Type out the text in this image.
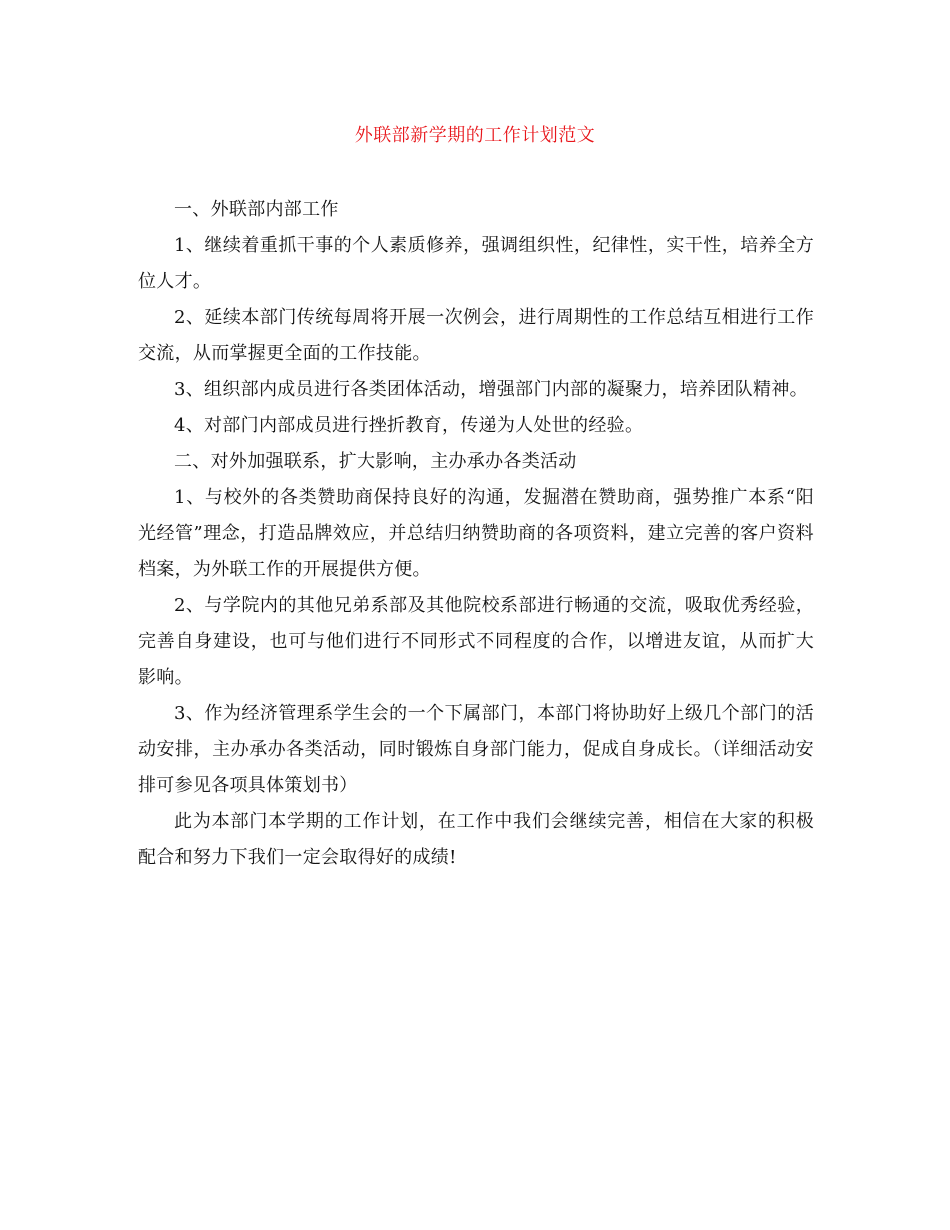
外联部新学期的工作计划范文

一、外联部内部工作

1、继续着重抓干事的个人素质修养，强调组织性，纪律性，实干性，培养全方位人才。

2、延续本部门传统每周将开展一次例会，进行周期性的工作总结互相进行工作交流，从而掌握更全面的工作技能。

3、组织部内成员进行各类团体活动，增强部门内部的凝聚力，培养团队精神。

4、对部门内部成员进行挫折教育，传递为人处世的经验。

二、对外加强联系，扩大影响，主办承办各类活动

1、与校外的各类赞助商保持良好的沟通，发掘潜在赞助商，强势推广本系“阳光经管”理念，打造品牌效应，并总结归纳赞助商的各项资料，建立完善的客户资料档案，为外联工作的开展提供方便。

2、与学院内的其他兄弟系部及其他院校系部进行畅通的交流，吸取优秀经验，完善自身建设，也可与他们进行不同形式不同程度的合作，以增进友谊，从而扩大影响。

3、作为经济管理系学生会的一个下属部门，本部门将协助好上级几个部门的活动安排，主办承办各类活动，同时锻炼自身部门能力，促成自身成长。（详细活动安排可参见各项具体策划书）

此为本部门本学期的工作计划，在工作中我们会继续完善，相信在大家的积极配合和努力下我们一定会取得好的成绩!
